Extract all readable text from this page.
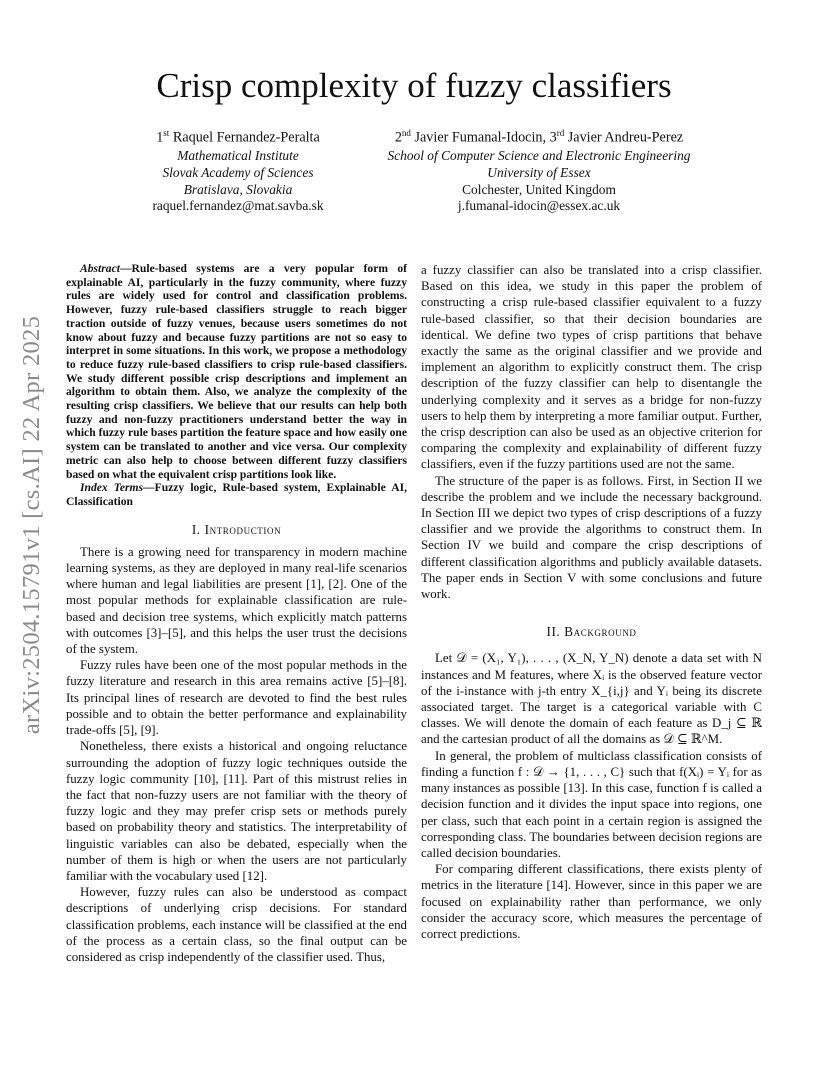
arXiv:2504.15791v1 [cs.AI] 22 Apr 2025
Crisp complexity of fuzzy classifiers
1st Raquel Fernandez-Peralta
Mathematical Institute
Slovak Academy of Sciences
Bratislava, Slovakia
raquel.fernandez@mat.savba.sk
2nd Javier Fumanal-Idocin, 3rd Javier Andreu-Perez
School of Computer Science and Electronic Engineering
University of Essex
Colchester, United Kingdom
j.fumanal-idocin@essex.ac.uk

Abstract—Rule-based systems are a very popular form of explainable AI, particularly in the fuzzy community, where fuzzy rules are widely used for control and classification problems. However, fuzzy rule-based classifiers struggle to reach bigger traction outside of fuzzy venues, because users sometimes do not know about fuzzy and because fuzzy partitions are not so easy to interpret in some situations. In this work, we propose a methodology to reduce fuzzy rule-based classifiers to crisp rule-based classifiers. We study different possible crisp descriptions and implement an algorithm to obtain them. Also, we analyze the complexity of the resulting crisp classifiers. We believe that our results can help both fuzzy and non-fuzzy practitioners understand better the way in which fuzzy rule bases partition the feature space and how easily one system can be translated to another and vice versa. Our complexity metric can also help to choose between different fuzzy classifiers based on what the equivalent crisp partitions look like.

Index Terms—Fuzzy logic, Rule-based system, Explainable AI, Classification

I. Introduction

There is a growing need for transparency in modern machine learning systems, as they are deployed in many real-life scenarios where human and legal liabilities are present [1], [2]. One of the most popular methods for explainable classification are rule-based and decision tree systems, which explicitly match patterns with outcomes [3]–[5], and this helps the user trust the decisions of the system.

Fuzzy rules have been one of the most popular methods in the fuzzy literature and research in this area remains active [5]–[8]. Its principal lines of research are devoted to find the best rules possible and to obtain the better performance and explainability trade-offs [5], [9].

Nonetheless, there exists a historical and ongoing reluctance surrounding the adoption of fuzzy logic techniques outside the fuzzy logic community [10], [11]. Part of this mistrust relies in the fact that non-fuzzy users are not familiar with the theory of fuzzy logic and they may prefer crisp sets or methods purely based on probability theory and statistics. The interpretability of linguistic variables can also be debated, especially when the number of them is high or when the users are not particularly familiar with the vocabulary used [12].

However, fuzzy rules can also be understood as compact descriptions of underlying crisp decisions. For standard classification problems, each instance will be classified at the end of the process as a certain class, so the final output can be considered as crisp independently of the classifier used. Thus,

a fuzzy classifier can also be translated into a crisp classifier. Based on this idea, we study in this paper the problem of constructing a crisp rule-based classifier equivalent to a fuzzy rule-based classifier, so that their decision boundaries are identical. We define two types of crisp partitions that behave exactly the same as the original classifier and we provide and implement an algorithm to explicitly construct them. The crisp description of the fuzzy classifier can help to disentangle the underlying complexity and it serves as a bridge for non-fuzzy users to help them by interpreting a more familiar output. Further, the crisp description can also be used as an objective criterion for comparing the complexity and explainability of different fuzzy classifiers, even if the fuzzy partitions used are not the same.

The structure of the paper is as follows. First, in Section II we describe the problem and we include the necessary background. In Section III we depict two types of crisp descriptions of a fuzzy classifier and we provide the algorithms to construct them. In Section IV we build and compare the crisp descriptions of different classification algorithms and publicly available datasets. The paper ends in Section V with some conclusions and future work.

II. Background

Let 𝒟 = (X₁, Y₁), . . . , (X_N, Y_N) denote a data set with N instances and M features, where Xᵢ is the observed feature vector of the i-instance with j-th entry X_{i,j} and Yᵢ being its discrete associated target. The target is a categorical variable with C classes. We will denote the domain of each feature as D_j ⊆ ℝ and the cartesian product of all the domains as 𝒟 ⊆ ℝ^M.

In general, the problem of multiclass classification consists of finding a function f : 𝒟 → {1, . . . , C} such that f(Xᵢ) = Yᵢ for as many instances as possible [13]. In this case, function f is called a decision function and it divides the input space into regions, one per class, such that each point in a certain region is assigned the corresponding class. The boundaries between decision regions are called decision boundaries.

For comparing different classifications, there exists plenty of metrics in the literature [14]. However, since in this paper we are focused on explainability rather than performance, we only consider the accuracy score, which measures the percentage of correct predictions.
